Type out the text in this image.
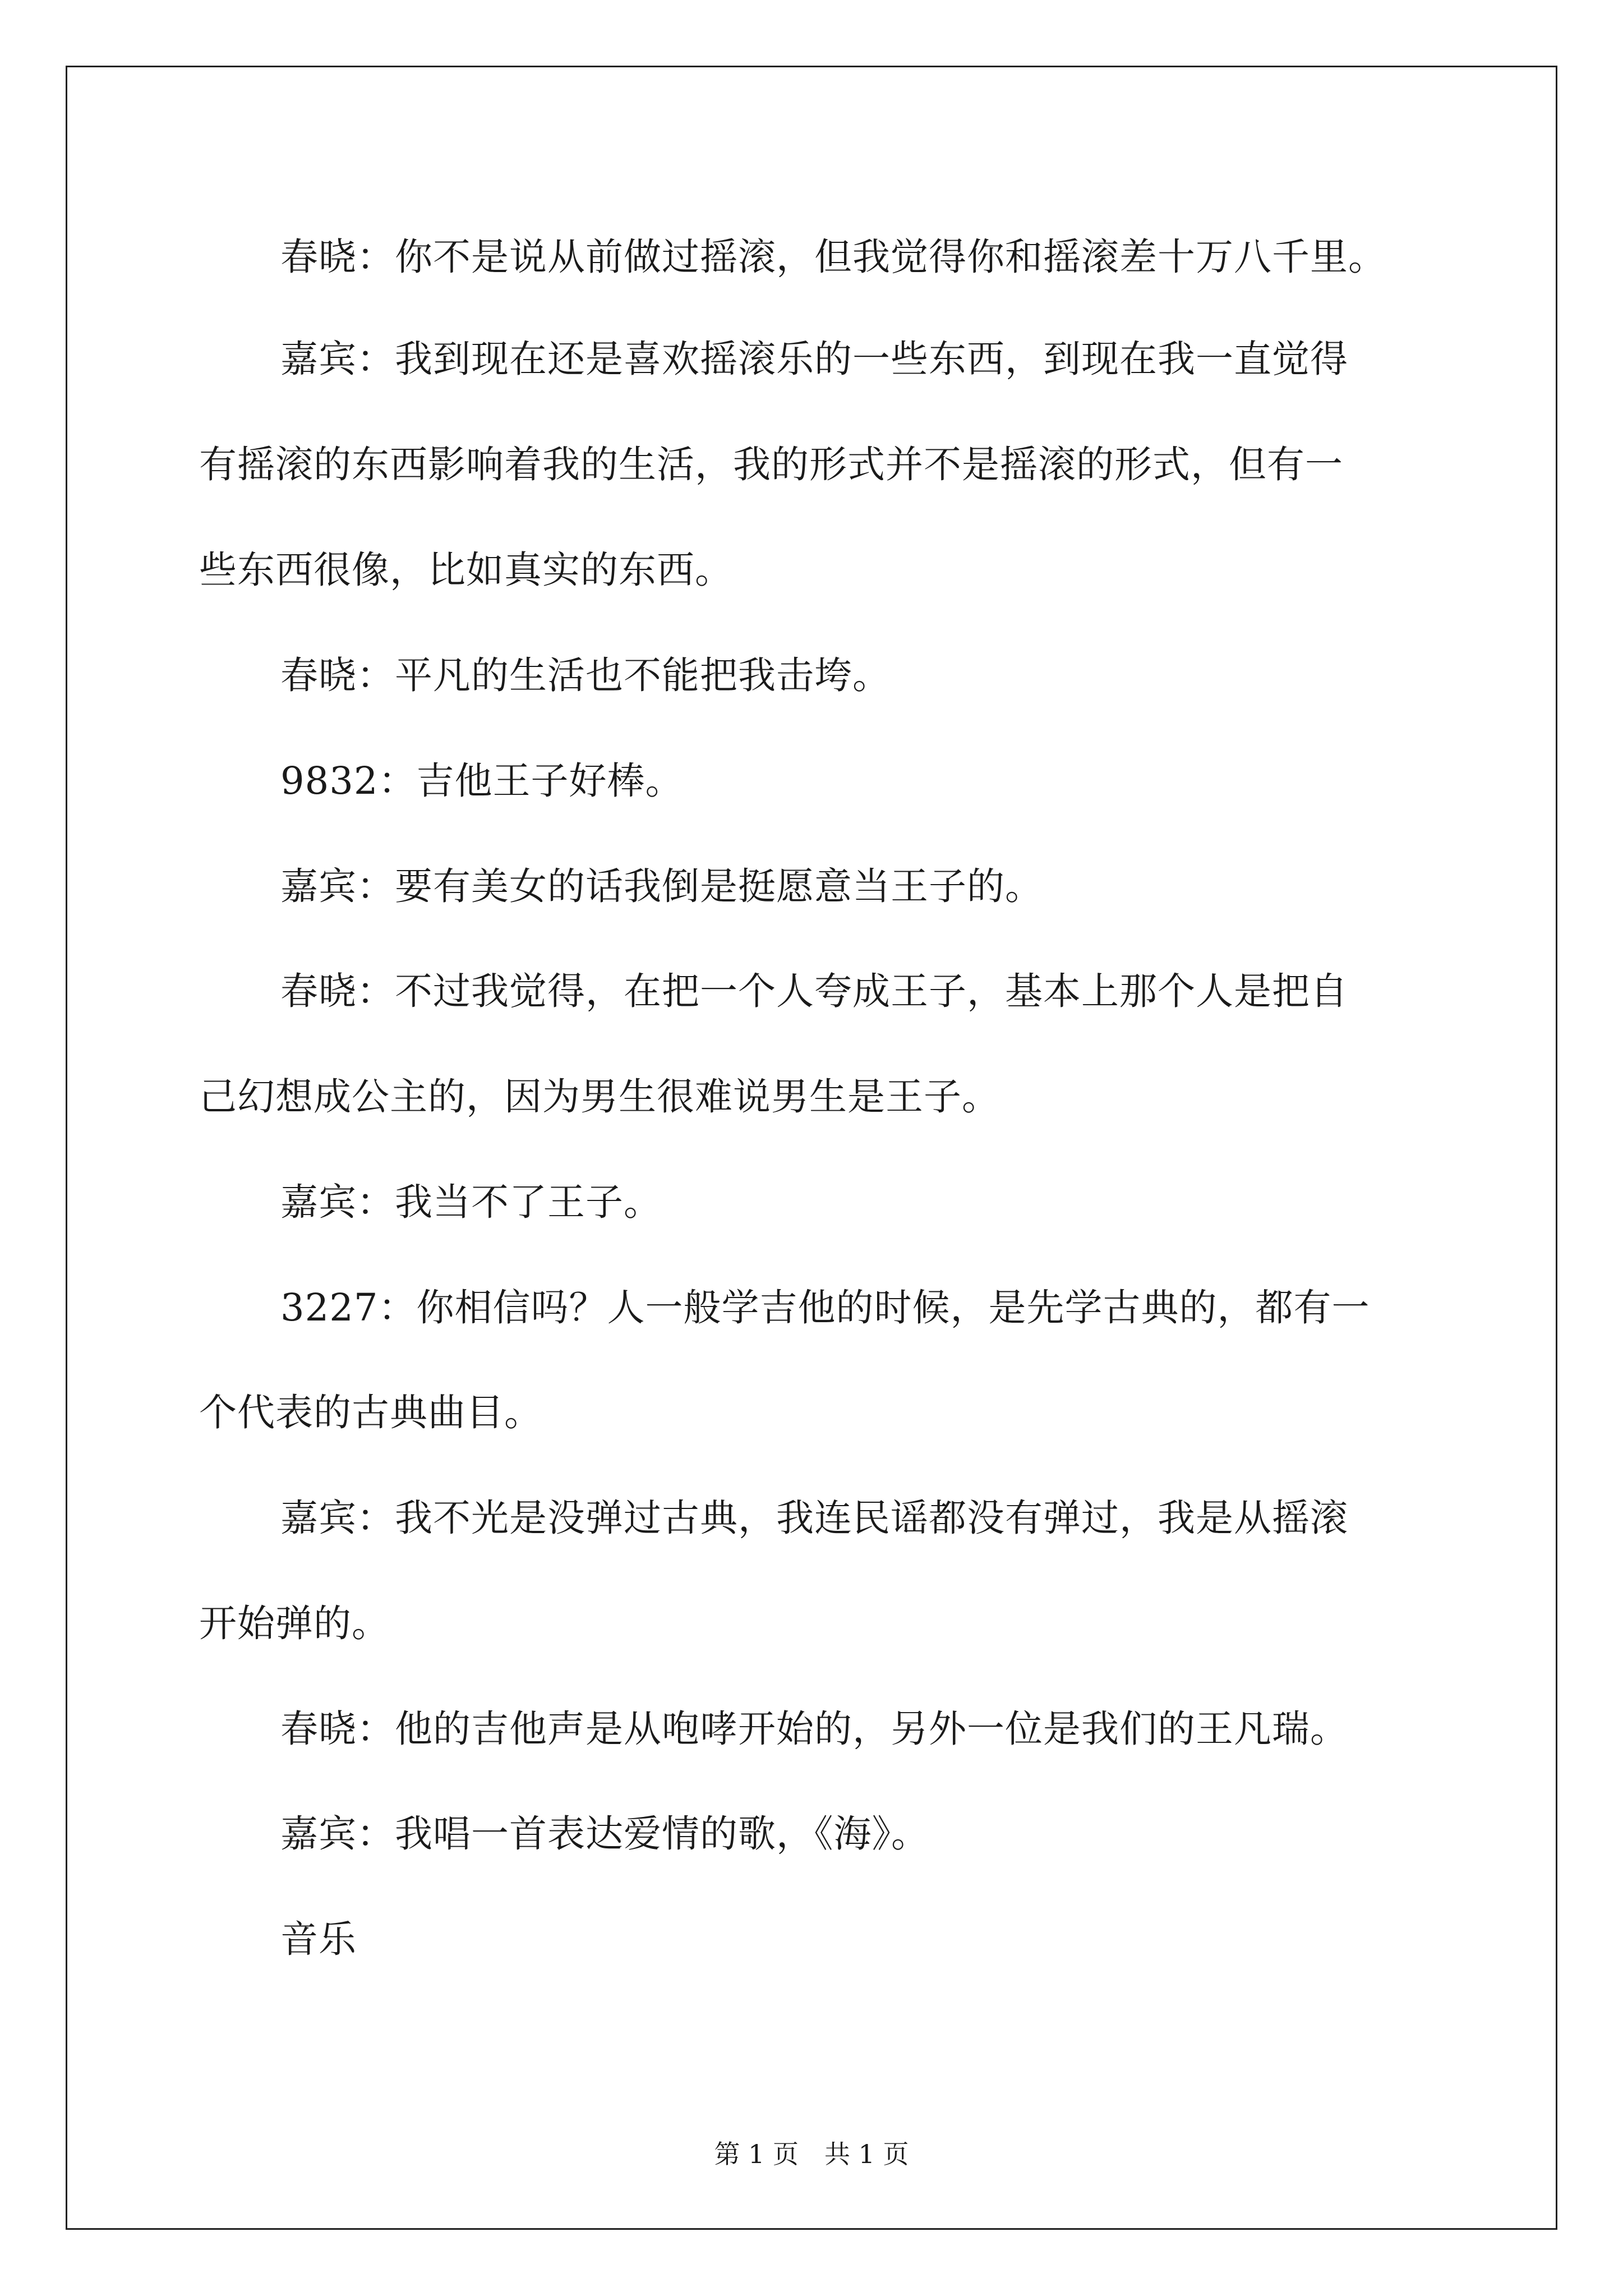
春晓：你不是说从前做过摇滚，但我觉得你和摇滚差十万八千里。
嘉宾：我到现在还是喜欢摇滚乐的一些东西，到现在我一直觉得
有摇滚的东西影响着我的生活，我的形式并不是摇滚的形式，但有一
些东西很像，比如真实的东西。
春晓：平凡的生活也不能把我击垮。
9832：吉他王子好棒。
嘉宾：要有美女的话我倒是挺愿意当王子的。
春晓：不过我觉得，在把一个人夸成王子，基本上那个人是把自
己幻想成公主的，因为男生很难说男生是王子。
嘉宾：我当不了王子。
3227：你相信吗？人一般学吉他的时候，是先学古典的，都有一
个代表的古典曲目。
嘉宾：我不光是没弹过古典，我连民谣都没有弹过，我是从摇滚
开始弹的。
春晓：他的吉他声是从咆哮开始的，另外一位是我们的王凡瑞。
嘉宾：我唱一首表达爱情的歌，《海》。
音乐
第 1 页　共 1 页
